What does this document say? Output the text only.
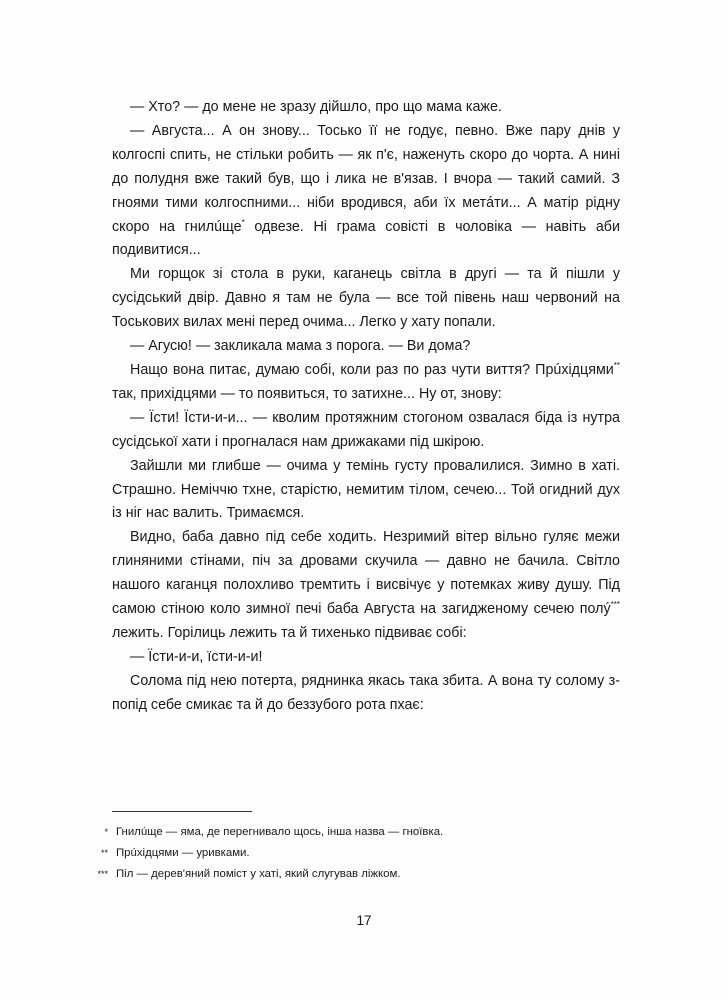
— Хто? — до мене не зразу дійшло, про що мама каже.

— Августа... А он знову... Тосько її не годує, певно. Вже пару днів у колгоспі спить, не стільки робить — як п'є, наженуть скоро до чорта. А нині до полудня вже такий був, що і лика не в'язав. І вчора — такий самий. З гноями тими колгоспними... ніби вродився, аби їх метáти... А матір рідну скоро на гнилúще* одвезе. Ні грама совісті в чоловіка — навіть аби подивитися...

Ми горщок зі стола в руки, каганець світла в другі — та й пішли у сусідський двір. Давно я там не була — все той півень наш червоний на Тоськових вилах мені перед очима... Легко у хату попали.

— Агусю! — закликала мама з порога. — Ви дома?

Нащо вона питає, думаю собі, коли раз по раз чути виття? Прúхідцями** так, прихідцями — то появиться, то затихне... Ну от, знову:

— Їсти! Їсти-и-и... — кволим протяжним стогоном озвалася біда із нутра сусідської хати і прогналася нам дрижаками під шкірою.

Зайшли ми глибше — очима у темінь густу провалилися. Зимно в хаті. Страшно. Неміччю тхне, старістю, немитим тілом, сечею... Той огидний дух із ніг нас валить. Тримаємся.

Видно, баба давно під себе ходить. Незримий вітер вільно гуляє межи глиняними стінами, піч за дровами скучила — давно не бачила. Світло нашого каганця полохливо тремтить і висвічує у потемках живу душу. Під самою стіною коло зимної печі баба Августа на загидженому сечею полý*** лежить. Горілиць лежить та й тихенько підвиває собі:

— Їсти-и-и, їсти-и-и!

Солома під нею потерта, ряднинка якась така збита. А вона ту солому з-попід себе смикає та й до беззубого рота пхає:

* Гнилúще — яма, де перегнивало щось, інша назва — гноївка.
** Прúхідцями — уривками.
*** Піл — дерев'яний поміст у хаті, який слугував ліжком.
17
